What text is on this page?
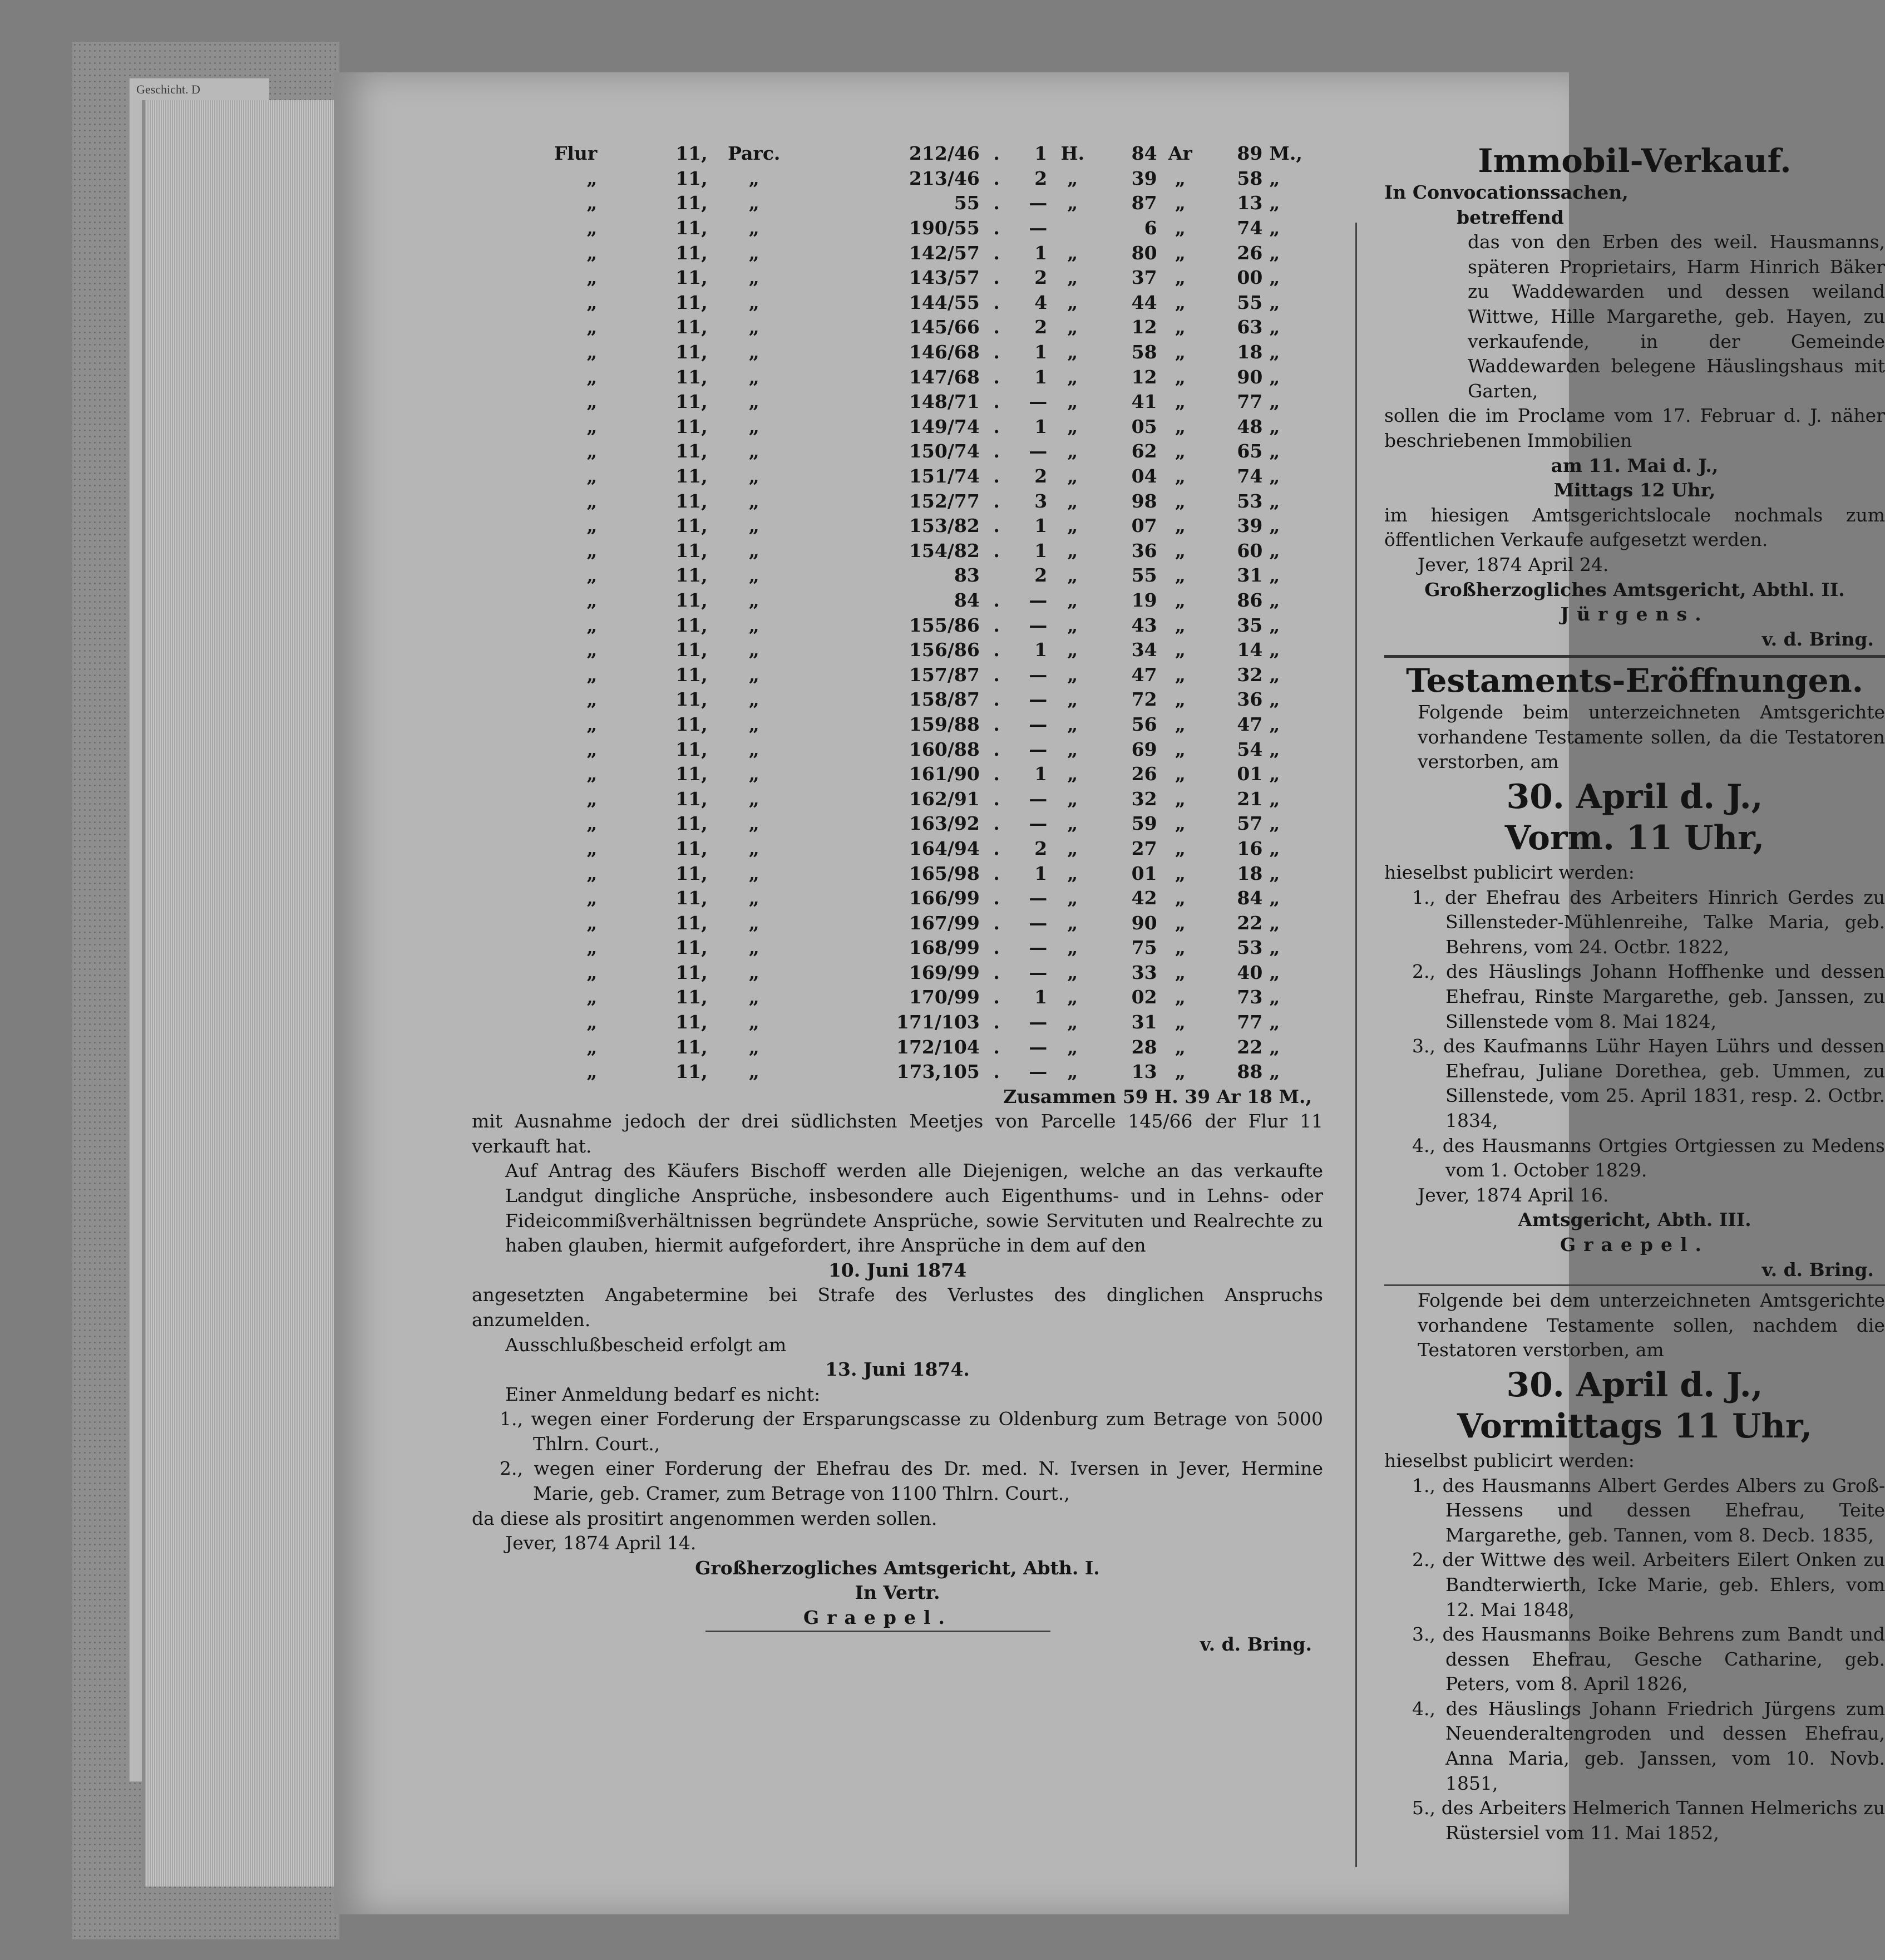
Geschicht. D
Flur	11,	Parc.	212/46	.	1	H.	84	Ar	89	M.,
„	11,	„	213/46	.	2	„	39	„	58	„
„	11,	„	55	.	—	„	87	„	13	„
„	11,	„	190/55	.	—		6	„	74	„
„	11,	„	142/57	.	1	„	80	„	26	„
„	11,	„	143/57	.	2	„	37	„	00	„
„	11,	„	144/55	.	4	„	44	„	55	„
„	11,	„	145/66	.	2	„	12	„	63	„
„	11,	„	146/68	.	1	„	58	„	18	„
„	11,	„	147/68	.	1	„	12	„	90	„
„	11,	„	148/71	.	—	„	41	„	77	„
„	11,	„	149/74	.	1	„	05	„	48	„
„	11,	„	150/74	.	—	„	62	„	65	„
„	11,	„	151/74	.	2	„	04	„	74	„
„	11,	„	152/77	.	3	„	98	„	53	„
„	11,	„	153/82	.	1	„	07	„	39	„
„	11,	„	154/82	.	1	„	36	„	60	„
„	11,	„	83		2	„	55	„	31	„
„	11,	„	84	.	—	„	19	„	86	„
„	11,	„	155/86	.	—	„	43	„	35	„
„	11,	„	156/86	.	1	„	34	„	14	„
„	11,	„	157/87	.	—	„	47	„	32	„
„	11,	„	158/87	.	—	„	72	„	36	„
„	11,	„	159/88	.	—	„	56	„	47	„
„	11,	„	160/88	.	—	„	69	„	54	„
„	11,	„	161/90	.	1	„	26	„	01	„
„	11,	„	162/91	.	—	„	32	„	21	„
„	11,	„	163/92	.	—	„	59	„	57	„
„	11,	„	164/94	.	2	„	27	„	16	„
„	11,	„	165/98	.	1	„	01	„	18	„
„	11,	„	166/99	.	—	„	42	„	84	„
„	11,	„	167/99	.	—	„	90	„	22	„
„	11,	„	168/99	.	—	„	75	„	53	„
„	11,	„	169/99	.	—	„	33	„	40	„
„	11,	„	170/99	.	1	„	02	„	73	„
„	11,	„	171/103	.	—	„	31	„	77	„
„	11,	„	172/104	.	—	„	28	„	22	„
„	11,	„	173,105	.	—	„	13	„	88	„

Zusammen 59 H. 39 Ar 18 M.,

mit Ausnahme jedoch der drei südlichsten Meetjes von Parcelle 145/66 der Flur 11 verkauft hat.

Auf Antrag des Käufers Bischoff werden alle Diejenigen, welche an das verkaufte Landgut dingliche Ansprüche, insbesondere auch Eigenthums- und in Lehns- oder Fideicommißverhältnissen begründete Ansprüche, sowie Servituten und Realrechte zu haben glauben, hiermit aufgefordert, ihre Ansprüche in dem auf den

10. Juni 1874

angesetzten Angabetermine bei Strafe des Verlustes des dinglichen Anspruchs anzumelden.

Ausschlußbescheid erfolgt am

13. Juni 1874.

Einer Anmeldung bedarf es nicht:

1., wegen einer Forderung der Ersparungscasse zu Oldenburg zum Betrage von 5000 Thlrn. Court.,

2., wegen einer Forderung der Ehefrau des Dr. med. N. Iversen in Jever, Hermine Marie, geb. Cramer, zum Betrage von 1100 Thlrn. Court.,

da diese als prositirt angenommen werden sollen.

Jever, 1874 April 14.

Großherzogliches Amtsgericht, Abth. I.

In Vertr.

Graepel.

v. d. Bring.

Immobil-Verkauf.

In Convocationssachen,

betreffend

das von den Erben des weil. Hausmanns, späteren Proprietairs, Harm Hinrich Bäker zu Waddewarden und dessen weiland Wittwe, Hille Margarethe, geb. Hayen, zu verkaufende, in der Gemeinde Waddewarden belegene Häuslingshaus mit Garten,

sollen die im Proclame vom 17. Februar d. J. näher beschriebenen Immobilien

am 11. Mai d. J.,

Mittags 12 Uhr,

im hiesigen Amtsgerichtslocale nochmals zum öffentlichen Verkaufe aufgesetzt werden.

Jever, 1874 April 24.

Großherzogliches Amtsgericht, Abthl. II.

Jürgens.

v. d. Bring.

Testaments-Eröffnungen.

Folgende beim unterzeichneten Amtsgerichte vorhandene Testamente sollen, da die Testatoren verstorben, am

30. April d. J.,

Vorm. 11 Uhr,

hieselbst publicirt werden:

1., der Ehefrau des Arbeiters Hinrich Gerdes zu Sillensteder-Mühlenreihe, Talke Maria, geb. Behrens, vom 24. Octbr. 1822,

2., des Häuslings Johann Hoffhenke und dessen Ehefrau, Rinste Margarethe, geb. Janssen, zu Sillenstede vom 8. Mai 1824,

3., des Kaufmanns Lühr Hayen Lührs und dessen Ehefrau, Juliane Dorethea, geb. Ummen, zu Sillenstede, vom 25. April 1831, resp. 2. Octbr. 1834,

4., des Hausmanns Ortgies Ortgiessen zu Medens vom 1. October 1829.

Jever, 1874 April 16.

Amtsgericht, Abth. III.

Graepel.

v. d. Bring.

Folgende bei dem unterzeichneten Amtsgerichte vorhandene Testamente sollen, nachdem die Testatoren verstorben, am

30. April d. J.,

Vormittags 11 Uhr,

hieselbst publicirt werden:

1., des Hausmanns Albert Gerdes Albers zu Groß-Hessens und dessen Ehefrau, Teite Margarethe, geb. Tannen, vom 8. Decb. 1835,

2., der Wittwe des weil. Arbeiters Eilert Onken zu Bandterwierth, Icke Marie, geb. Ehlers, vom 12. Mai 1848,

3., des Hausmanns Boike Behrens zum Bandt und dessen Ehefrau, Gesche Catharine, geb. Peters, vom 8. April 1826,

4., des Häuslings Johann Friedrich Jürgens zum Neuenderaltengroden und dessen Ehefrau, Anna Maria, geb. Janssen, vom 10. Novb. 1851,

5., des Arbeiters Helmerich Tannen Helmerichs zu Rüstersiel vom 11. Mai 1852,
